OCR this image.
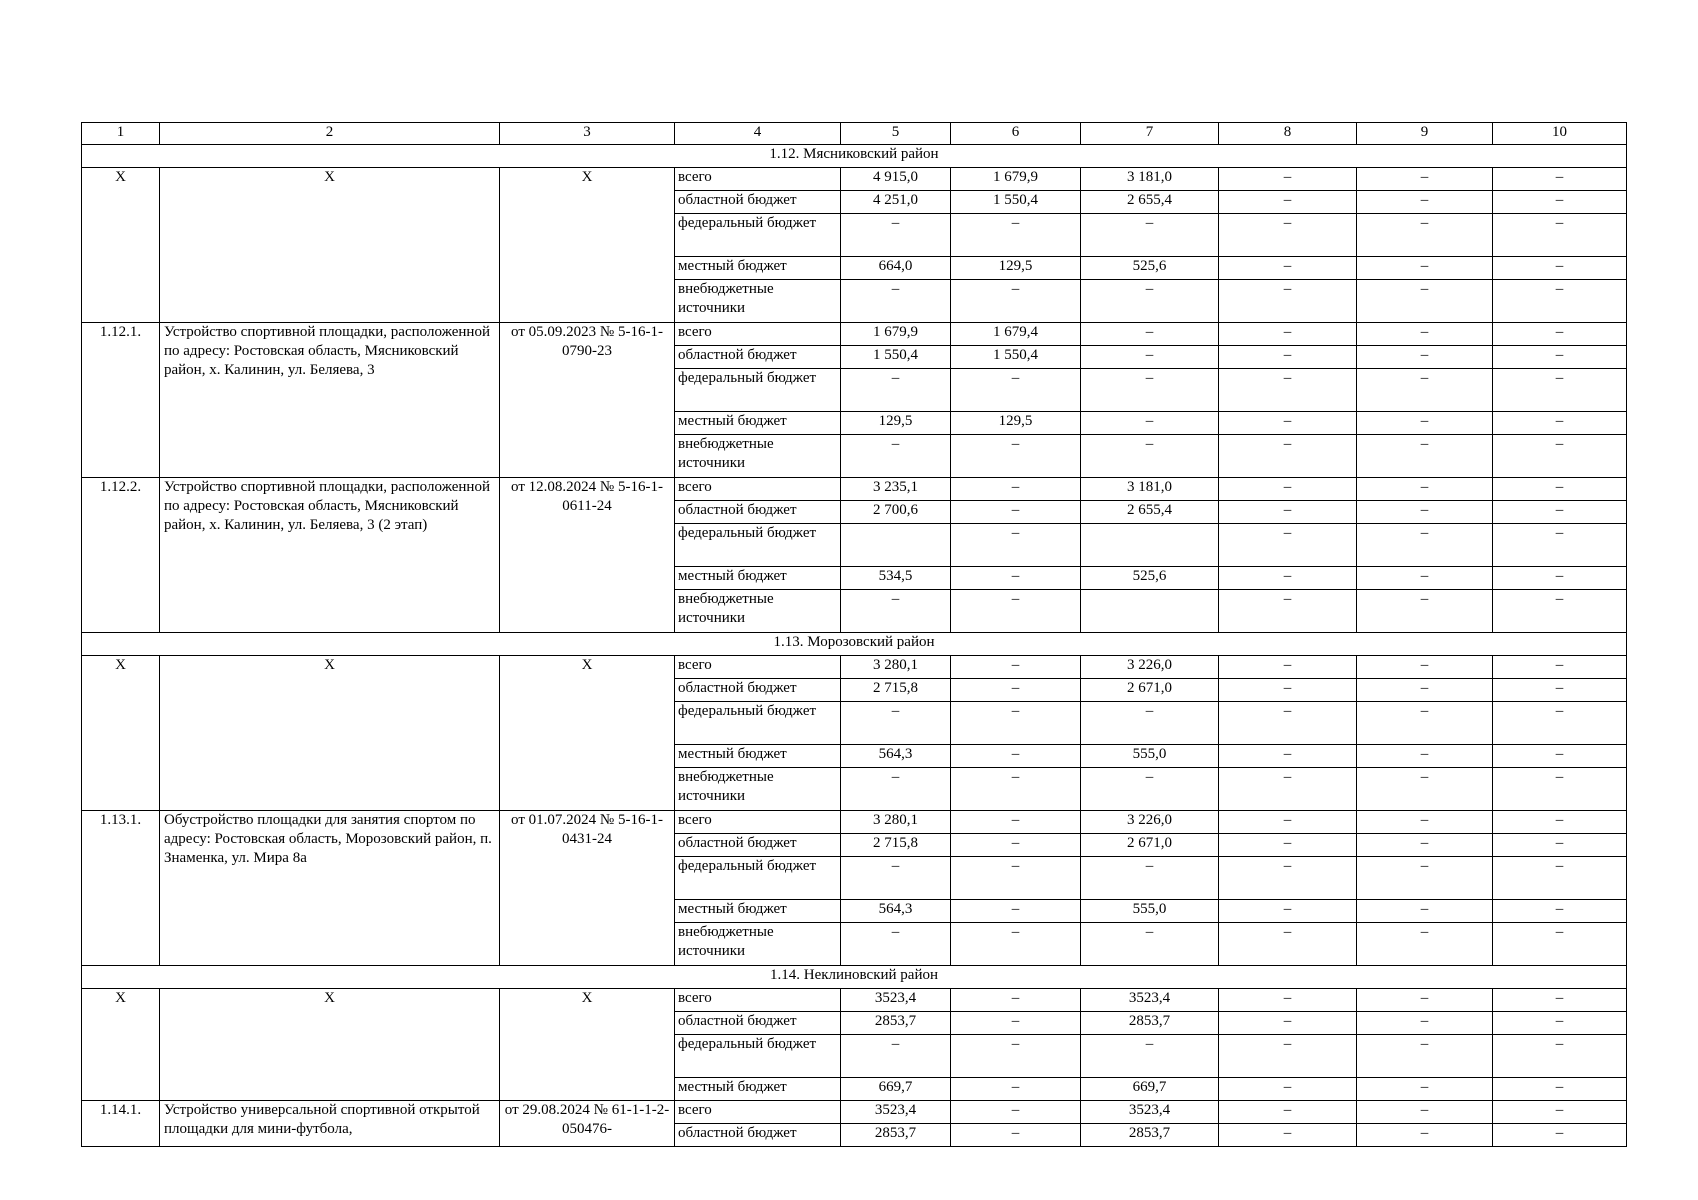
1	2	3	4	5	6	7	8	9	10
1.12. Мясниковский район									
Х	Х	Х	всего	4 915,0	1 679,9	3 181,0	–	–	–
			областной бюджет	4 251,0	1 550,4	2 655,4	–	–	–
			федеральный бюджет	–	–	–	–	–	–
			местный бюджет	664,0	129,5	525,6	–	–	–
			внебюджетные источники	–	–	–	–	–	–
1.12.1.	Устройство спортивной площадки, расположенной по адресу: Ростовская область, Мясниковский район, х. Калинин, ул. Беляева, 3	от 05.09.2023 № 5-16-1-0790-23	всего	1 679,9	1 679,4	–	–	–	–
			областной бюджет	1 550,4	1 550,4	–	–	–	–
			федеральный бюджет	–	–	–	–	–	–
			местный бюджет	129,5	129,5	–	–	–	–
			внебюджетные источники	–	–	–	–	–	–
1.12.2.	Устройство спортивной площадки, расположенной по адресу: Ростовская область, Мясниковский район, х. Калинин, ул. Беляева, 3 (2 этап)	от 12.08.2024 № 5-16-1-0611-24	всего	3 235,1	–	3 181,0	–	–	–
			областной бюджет	2 700,6	–	2 655,4	–	–	–
			федеральный бюджет		–		–	–	–
			местный бюджет	534,5	–	525,6	–	–	–
			внебюджетные источники	–	–		–	–	–
1.13. Морозовский район									
Х	Х	Х	всего	3 280,1	–	3 226,0	–	–	–
			областной бюджет	2 715,8	–	2 671,0	–	–	–
			федеральный бюджет	–	–	–	–	–	–
			местный бюджет	564,3	–	555,0	–	–	–
			внебюджетные источники	–	–	–	–	–	–
1.13.1.	Обустройство площадки для занятия спортом по адресу: Ростовская область, Морозовский район, п. Знаменка, ул. Мира 8а	от 01.07.2024 № 5-16-1-0431-24	всего	3 280,1	–	3 226,0	–	–	–
			областной бюджет	2 715,8	–	2 671,0	–	–	–
			федеральный бюджет	–	–	–	–	–	–
			местный бюджет	564,3	–	555,0	–	–	–
			внебюджетные источники	–	–	–	–	–	–
1.14. Неклиновский район									
Х	Х	Х	всего	3523,4	–	3523,4	–	–	–
			областной бюджет	2853,7	–	2853,7	–	–	–
			федеральный бюджет	–	–	–	–	–	–
			местный бюджет	669,7	–	669,7	–	–	–
1.14.1.	Устройство универсальной спортивной открытой площадки для мини-футбола,	от 29.08.2024 № 61-1-1-2-050476-	всего	3523,4	–	3523,4	–	–	–
			областной бюджет	2853,7	–	2853,7	–	–	–
